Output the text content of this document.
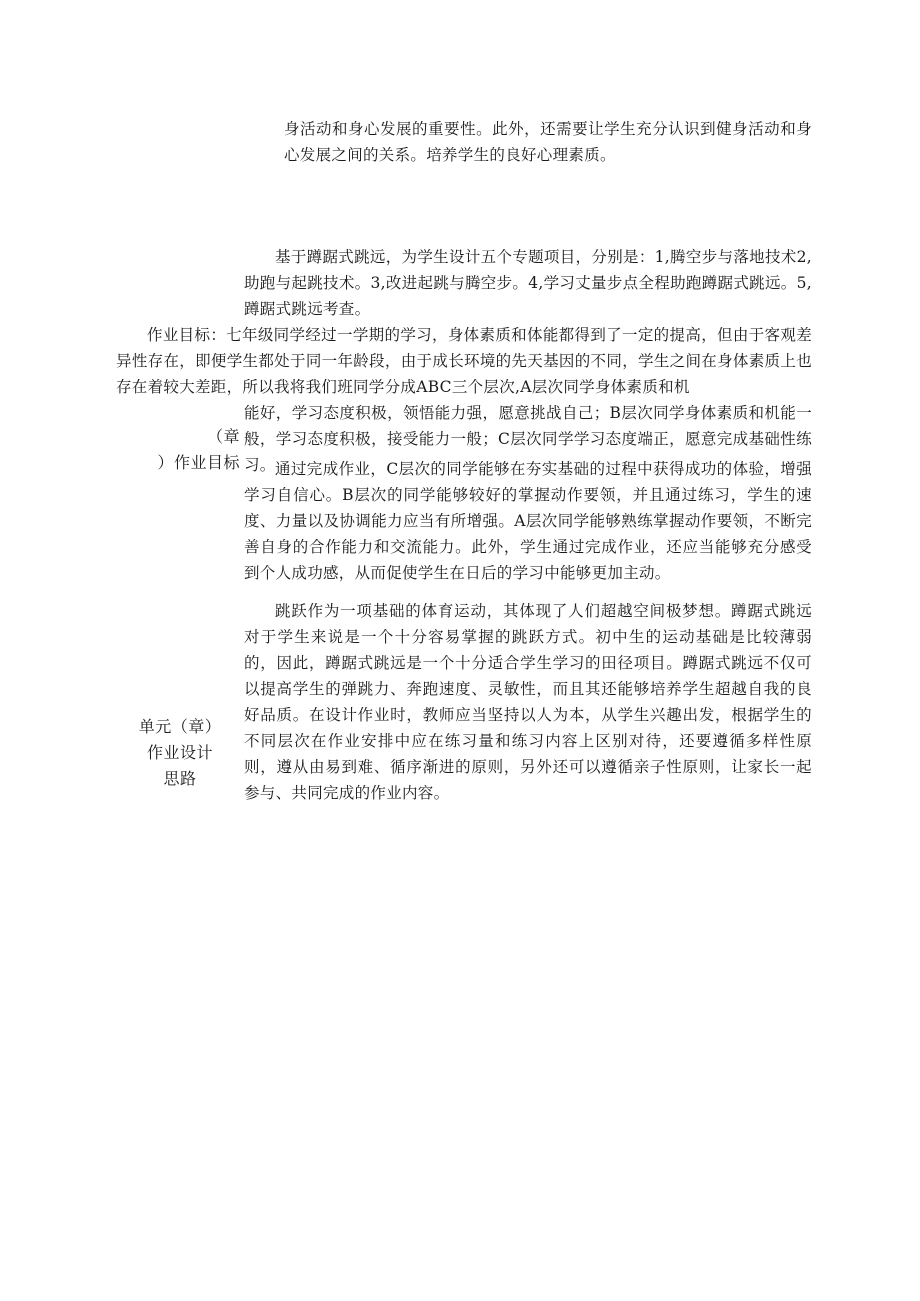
身活动和身心发展的重要性。此外，还需要让学生充分认识到健身活动和身心发展之间的关系。培养学生的良好心理素质。

基于蹲踞式跳远，为学生设计五个专题项目，分别是：1,腾空步与落地技术2,助跑与起跳技术。3,改进起跳与腾空步。4,学习丈量步点全程助跑蹲踞式跳远。5,蹲踞式跳远考查。

作业目标：七年级同学经过一学期的学习，身体素质和体能都得到了一定的提高，但由于客观差异性存在，即便学生都处于同一年龄段，由于成长环境的先天基因的不同，学生之间在身体素质上也存在着较大差距，所以我将我们班同学分成ABC三个层次,A层次同学身体素质和机

能好，学习态度积极，领悟能力强，愿意挑战自己；B层次同学身体素质和机能一般，学习态度积极，接受能力一般；C层次同学学习态度端正，愿意完成基础性练习。

（章
）作业目标	通过完成作业，C层次的同学能够在夯实基础的过程中获得成功的体验，增强学习自信心。B层次的同学能够较好的掌握动作要领，并且通过练习，学生的速度、力量以及协调能力应当有所增强。A层次同学能够熟练掌握动作要领，不断完善自身的合作能力和交流能力。此外，学生通过完成作业，还应当能够充分感受到个人成功感，从而促使学生在日后的学习中能够更加主动。

单元（章）
作业设计
思路

跳跃作为一项基础的体育运动，其体现了人们超越空间极梦想。蹲踞式跳远对于学生来说是一个十分容易掌握的跳跃方式。初中生的运动基础是比较薄弱的，因此，蹲踞式跳远是一个十分适合学生学习的田径项目。蹲踞式跳远不仅可以提高学生的弹跳力、奔跑速度、灵敏性，而且其还能够培养学生超越自我的良好品质。在设计作业时，教师应当坚持以人为本，从学生兴趣出发，根据学生的不同层次在作业安排中应在练习量和练习内容上区别对待，还要遵循多样性原则，遵从由易到难、循序渐进的原则，另外还可以遵循亲子性原则，让家长一起参与、共同完成的作业内容。
